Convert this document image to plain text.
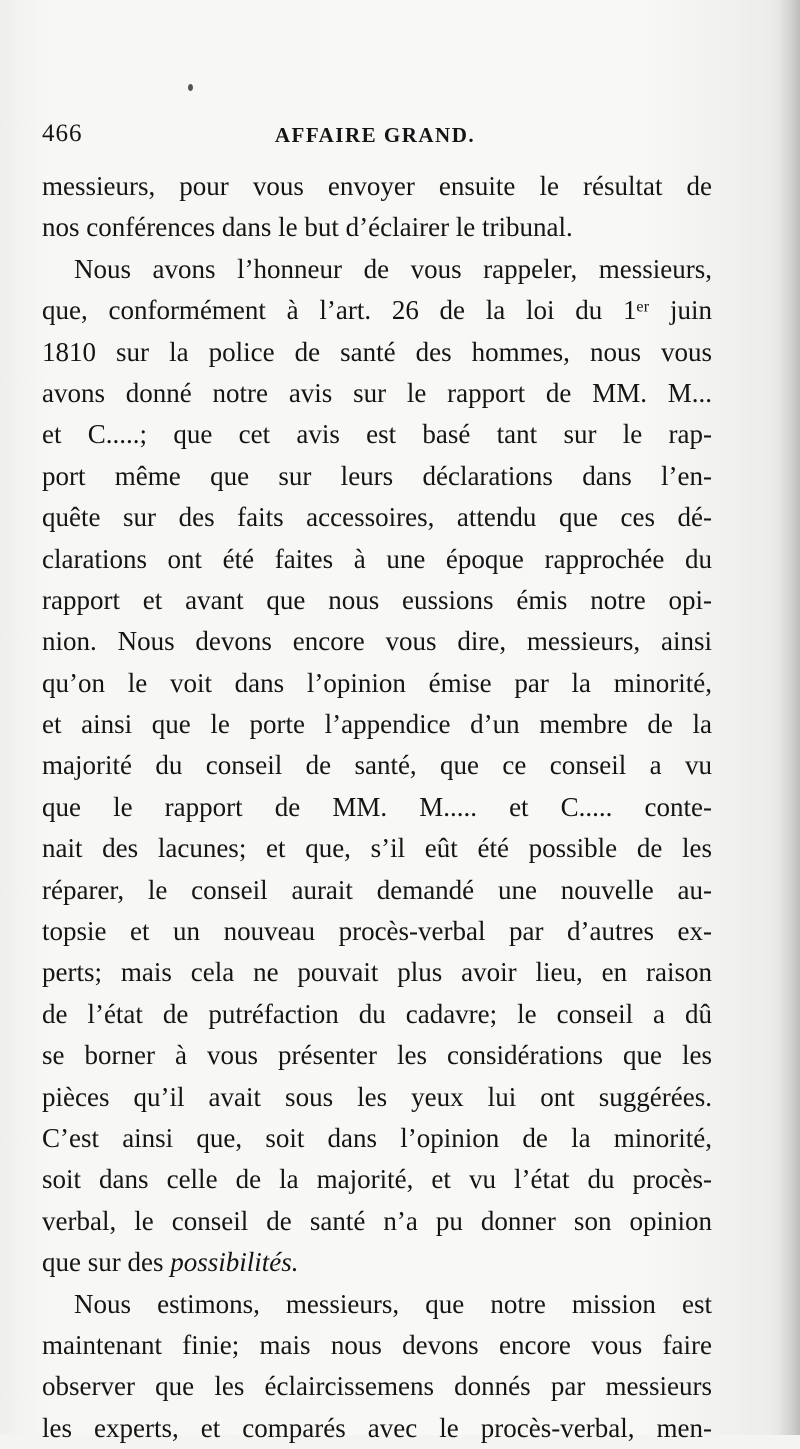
466	AFFAIRE GRAND.
messieurs, pour vous envoyer ensuite le résultat de
nos conférences dans le but d’éclairer le tribunal.
Nous avons l’honneur de vous rappeler, messieurs,
que, conformément à l’art. 26 de la loi du 1ᵉʳ juin
1810 sur la police de santé des hommes, nous vous
avons donné notre avis sur le rapport de MM. M...
et C.....; que cet avis est basé tant sur le rap-
port même que sur leurs déclarations dans l’en-
quête sur des faits accessoires, attendu que ces dé-
clarations ont été faites à une époque rapprochée du
rapport et avant que nous eussions émis notre opi-
nion. Nous devons encore vous dire, messieurs, ainsi
qu’on le voit dans l’opinion émise par la minorité,
et ainsi que le porte l’appendice d’un membre de la
majorité du conseil de santé, que ce conseil a vu
que le rapport de MM. M..... et C..... conte-
nait des lacunes; et que, s’il eût été possible de les
réparer, le conseil aurait demandé une nouvelle au-
topsie et un nouveau procès-verbal par d’autres ex-
perts; mais cela ne pouvait plus avoir lieu, en raison
de l’état de putréfaction du cadavre; le conseil a dû
se borner à vous présenter les considérations que les
pièces qu’il avait sous les yeux lui ont suggérées.
C’est ainsi que, soit dans l’opinion de la minorité,
soit dans celle de la majorité, et vu l’état du procès-
verbal, le conseil de santé n’a pu donner son opinion
que sur des possibilités.
Nous estimons, messieurs, que notre mission est
maintenant finie; mais nous devons encore vous faire
observer que les éclaircissemens donnés par messieurs
les experts, et comparés avec le procès-verbal, men-
